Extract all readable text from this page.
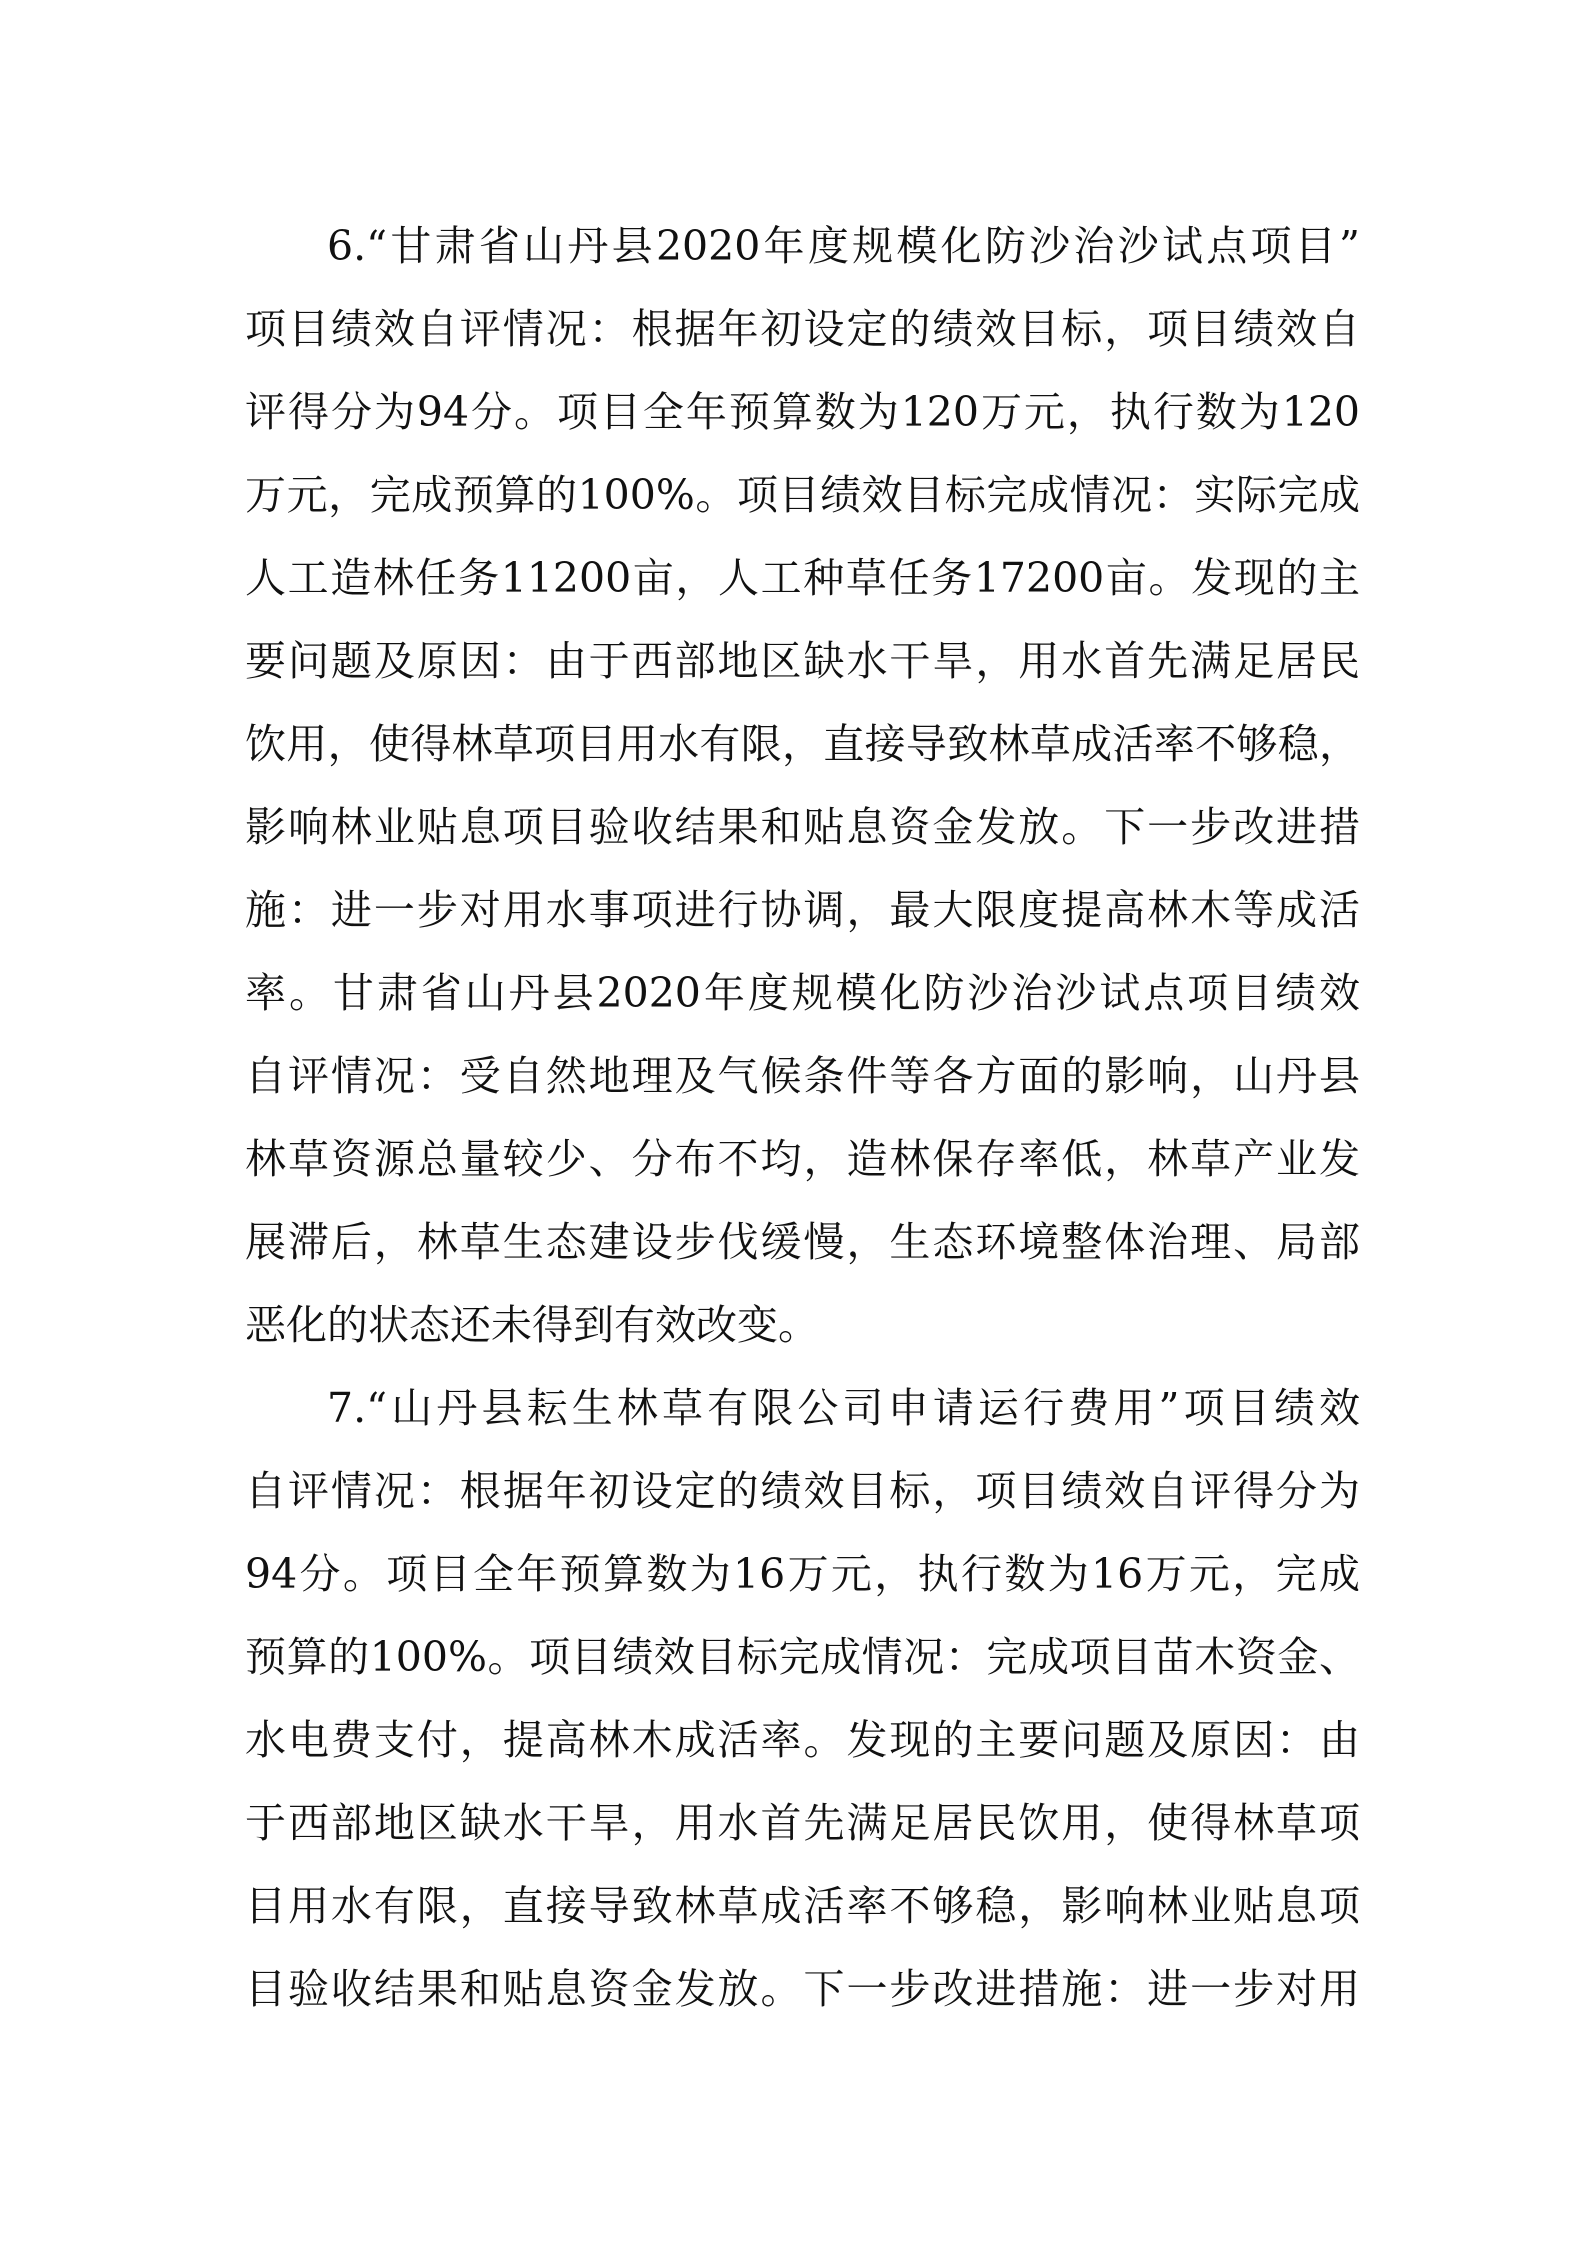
6.“甘肃省山丹县2020年度规模化防沙治沙试点项目”
项目绩效自评情况：根据年初设定的绩效目标，项目绩效自
评得分为94分。项目全年预算数为120万元，执行数为120
万元，完成预算的100%。项目绩效目标完成情况：实际完成
人工造林任务11200亩，人工种草任务17200亩。发现的主
要问题及原因：由于西部地区缺水干旱，用水首先满足居民
饮用，使得林草项目用水有限，直接导致林草成活率不够稳，
影响林业贴息项目验收结果和贴息资金发放。下一步改进措
施：进一步对用水事项进行协调，最大限度提高林木等成活
率。甘肃省山丹县2020年度规模化防沙治沙试点项目绩效
自评情况：受自然地理及气候条件等各方面的影响，山丹县
林草资源总量较少、分布不均，造林保存率低，林草产业发
展滞后，林草生态建设步伐缓慢，生态环境整体治理、局部
恶化的状态还未得到有效改变。
7.“山丹县耘生林草有限公司申请运行费用”项目绩效
自评情况：根据年初设定的绩效目标，项目绩效自评得分为
94分。项目全年预算数为16万元，执行数为16万元，完成
预算的100%。项目绩效目标完成情况：完成项目苗木资金、
水电费支付，提高林木成活率。发现的主要问题及原因：由
于西部地区缺水干旱，用水首先满足居民饮用，使得林草项
目用水有限，直接导致林草成活率不够稳，影响林业贴息项
目验收结果和贴息资金发放。下一步改进措施：进一步对用
